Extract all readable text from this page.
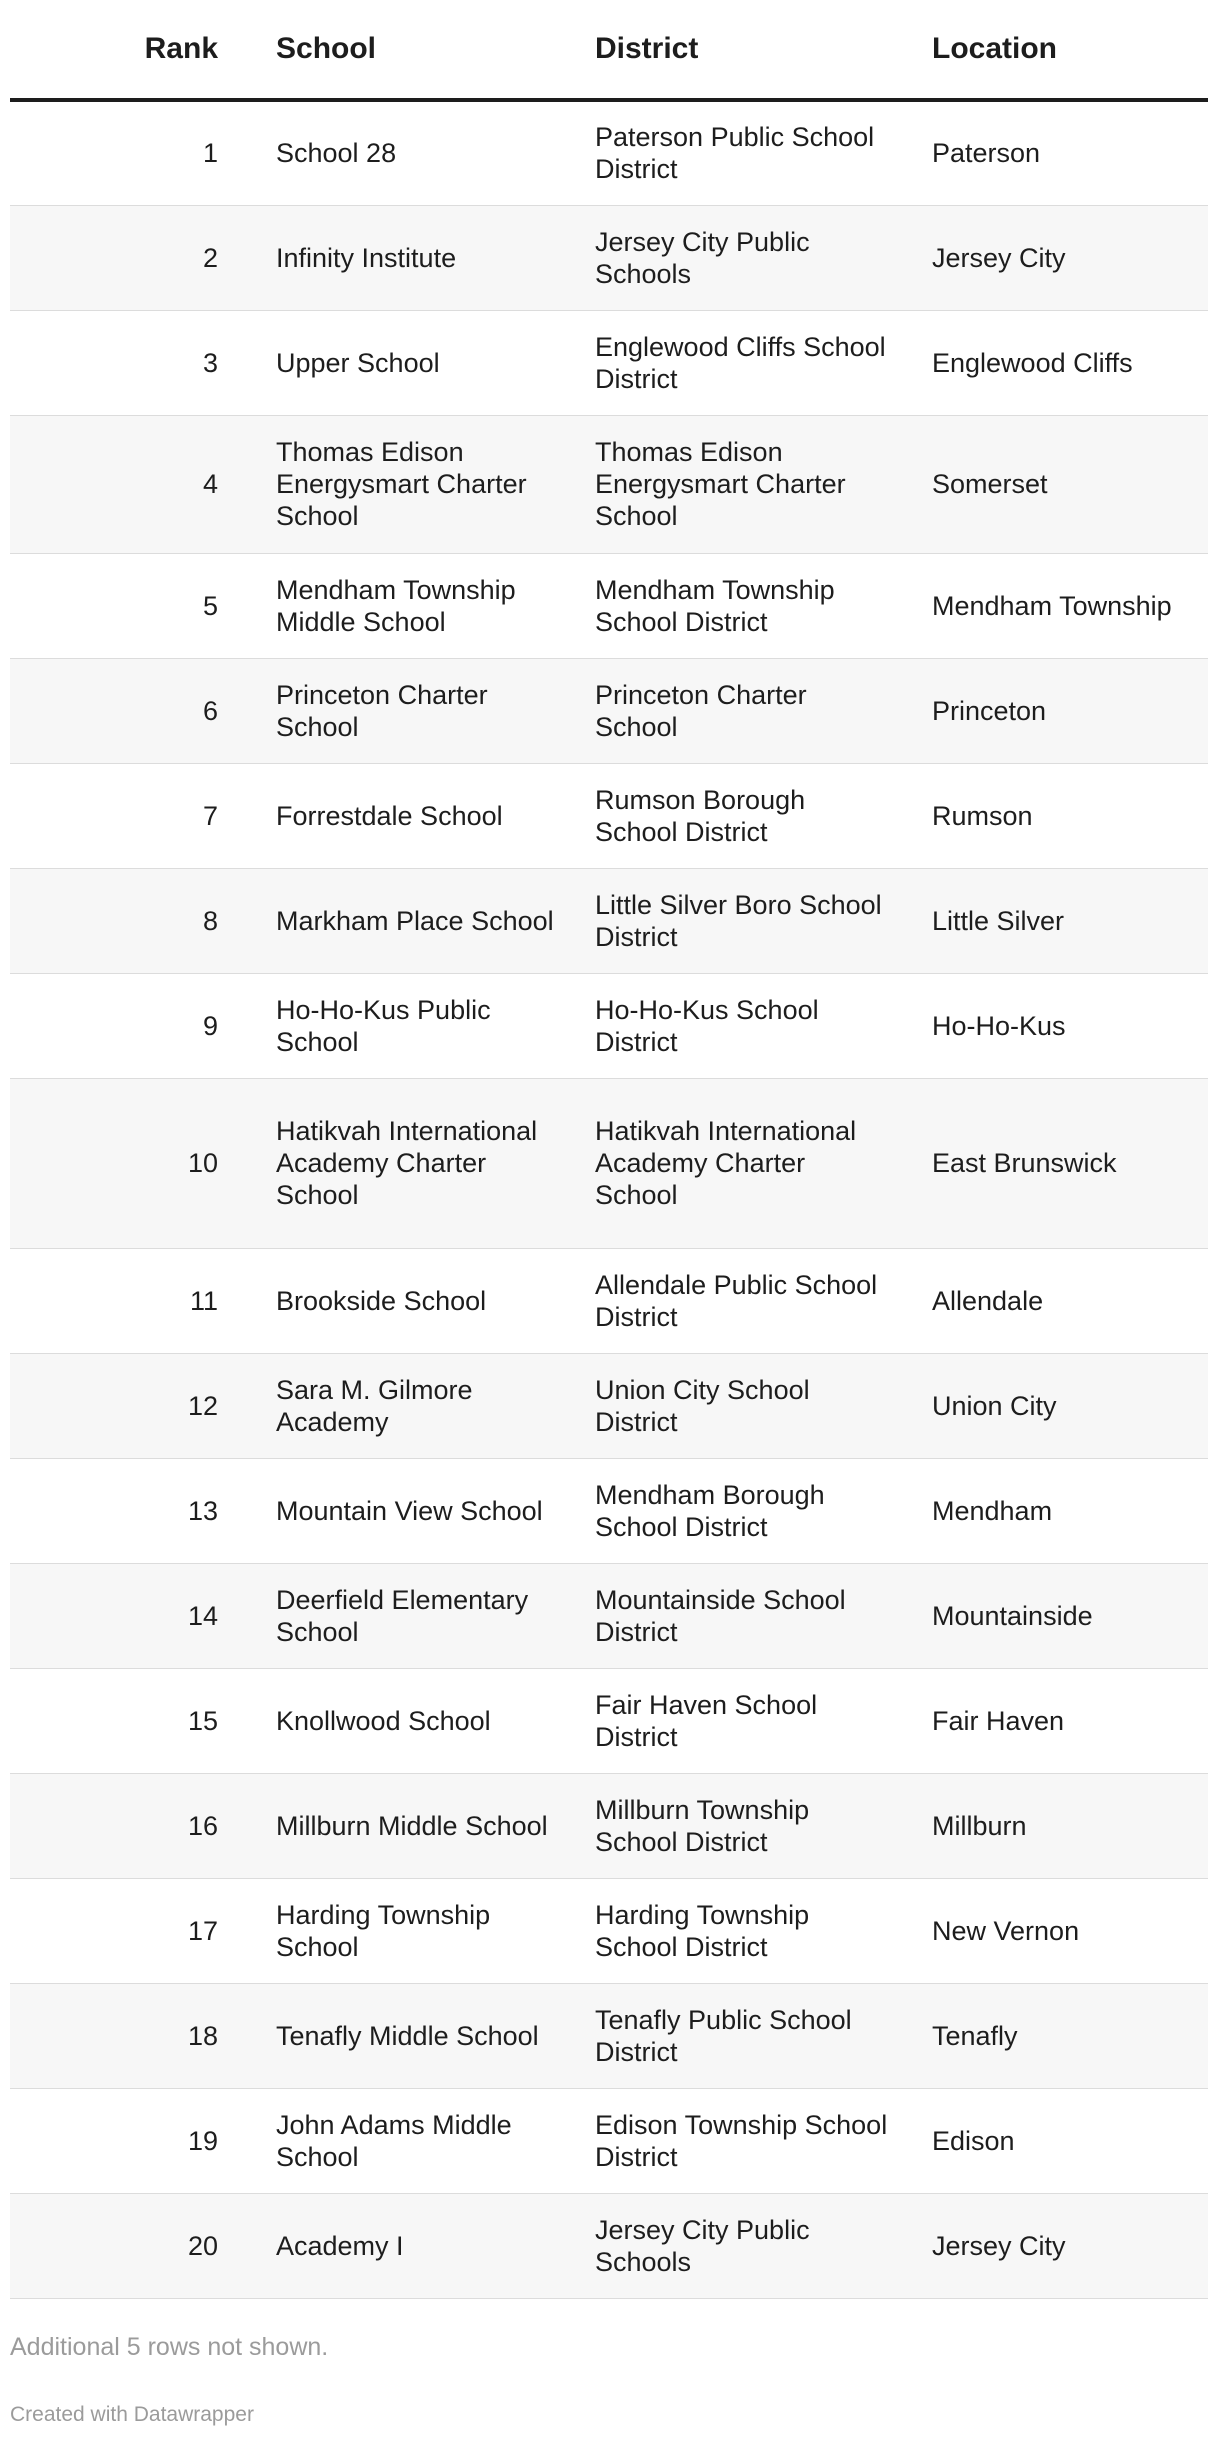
Rank	School	District	Location
1	School 28	Paterson Public School District	Paterson
2	Infinity Institute	Jersey City Public Schools	Jersey City
3	Upper School	Englewood Cliffs School District	Englewood Cliffs
4	Thomas Edison Energysmart Charter School	Thomas Edison Energysmart Charter School	Somerset
5	Mendham Township Middle School	Mendham Township School District	Mendham Township
6	Princeton Charter School	Princeton Charter School	Princeton
7	Forrestdale School	Rumson Borough School District	Rumson
8	Markham Place School	Little Silver Boro School District	Little Silver
9	Ho-Ho-Kus Public School	Ho-Ho-Kus School District	Ho-Ho-Kus
10	Hatikvah International Academy Charter School	Hatikvah International Academy Charter School	East Brunswick
11	Brookside School	Allendale Public School District	Allendale
12	Sara M. Gilmore Academy	Union City School District	Union City
13	Mountain View School	Mendham Borough School District	Mendham
14	Deerfield Elementary School	Mountainside School District	Mountainside
15	Knollwood School	Fair Haven School District	Fair Haven
16	Millburn Middle School	Millburn Township School District	Millburn
17	Harding Township School	Harding Township School District	New Vernon
18	Tenafly Middle School	Tenafly Public School District	Tenafly
19	John Adams Middle School	Edison Township School District	Edison
20	Academy I	Jersey City Public Schools	Jersey City
Additional 5 rows not shown.
Created with Datawrapper
